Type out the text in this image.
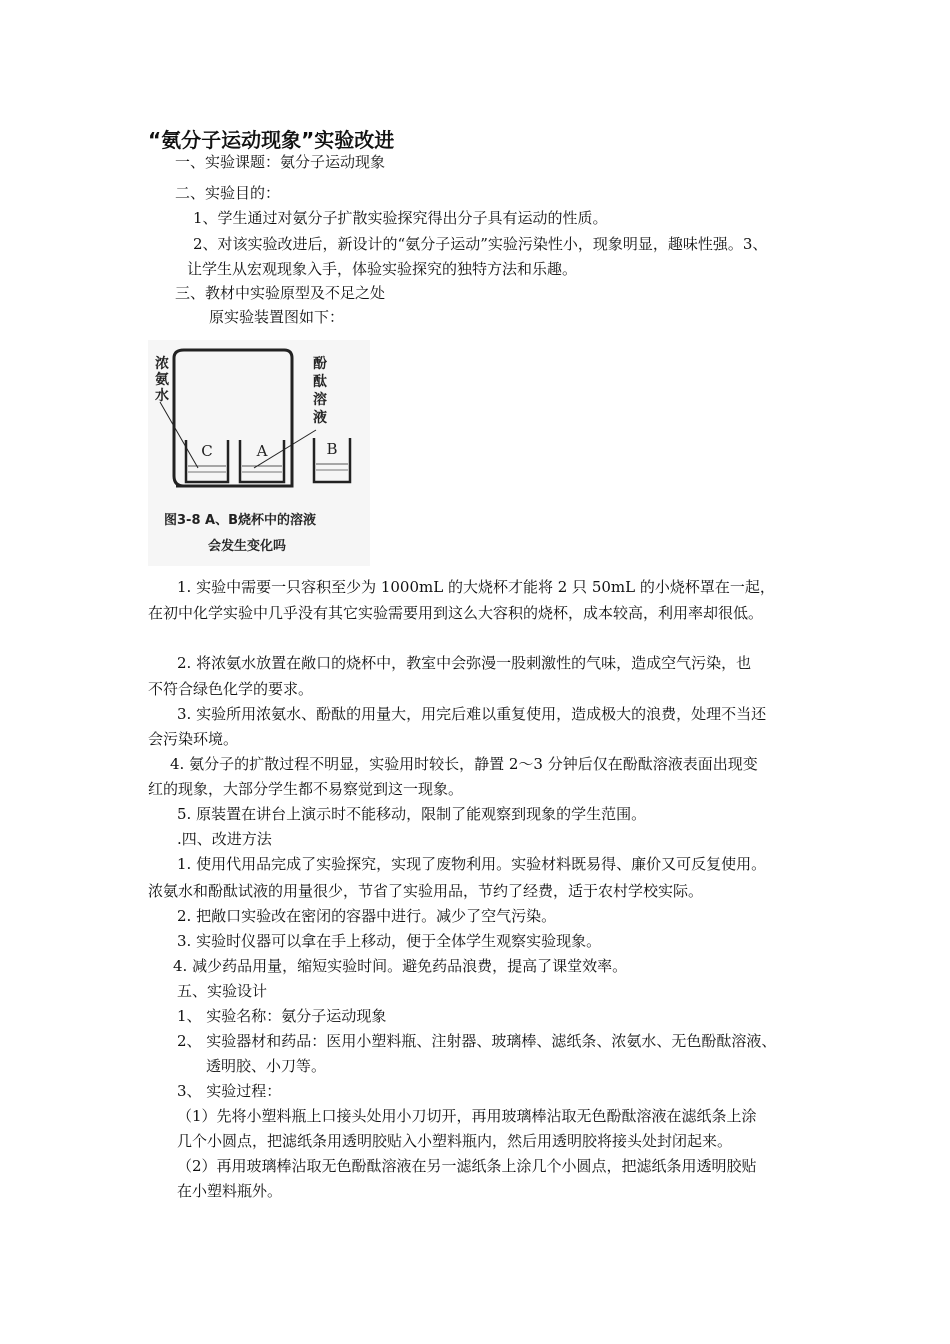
“氨分子运动现象”实验改进
一、实验课题：氨分子运动现象
二、实验目的：
1、学生通过对氨分子扩散实验探究得出分子具有运动的性质。
2、对该实验改进后，新设计的“氨分子运动”实验污染性小，现象明显，趣味性强。3、
让学生从宏观现象入手，体验实验探究的独特方法和乐趣。
三、教材中实验原型及不足之处
原实验装置图如下：
浓
氨
水
酚
酞
溶
液
C	A	B
图3-8 A、B烧杯中的溶液
会发生变化吗
1. 实验中需要一只容积至少为 1000mL 的大烧杯才能将 2 只 50mL 的小烧杯罩在一起，
在初中化学实验中几乎没有其它实验需要用到这么大容积的烧杯，成本较高，利用率却很低。
2. 将浓氨水放置在敞口的烧杯中，教室中会弥漫一股刺激性的气味，造成空气污染，也
不符合绿色化学的要求。
3. 实验所用浓氨水、酚酞的用量大，用完后难以重复使用，造成极大的浪费，处理不当还
会污染环境。
4. 氨分子的扩散过程不明显，实验用时较长，静置 2～3 分钟后仅在酚酞溶液表面出现变
红的现象，大部分学生都不易察觉到这一现象。
5. 原装置在讲台上演示时不能移动，限制了能观察到现象的学生范围。
.四、改进方法
1. 使用代用品完成了实验探究，实现了废物利用。实验材料既易得、廉价又可反复使用。
浓氨水和酚酞试液的用量很少，节省了实验用品，节约了经费，适于农村学校实际。
2. 把敞口实验改在密闭的容器中进行。减少了空气污染。
3. 实验时仪器可以拿在手上移动，便于全体学生观察实验现象。
4. 减少药品用量，缩短实验时间。避免药品浪费，提高了课堂效率。
五、实验设计
1、 实验名称：氨分子运动现象
2、 实验器材和药品：医用小塑料瓶、注射器、玻璃棒、滤纸条、浓氨水、无色酚酞溶液、
透明胶、小刀等。
3、 实验过程：
（1）先将小塑料瓶上口接头处用小刀切开，再用玻璃棒沾取无色酚酞溶液在滤纸条上涂
几个小圆点，把滤纸条用透明胶贴入小塑料瓶内，然后用透明胶将接头处封闭起来。
（2）再用玻璃棒沾取无色酚酞溶液在另一滤纸条上涂几个小圆点，把滤纸条用透明胶贴
在小塑料瓶外。
